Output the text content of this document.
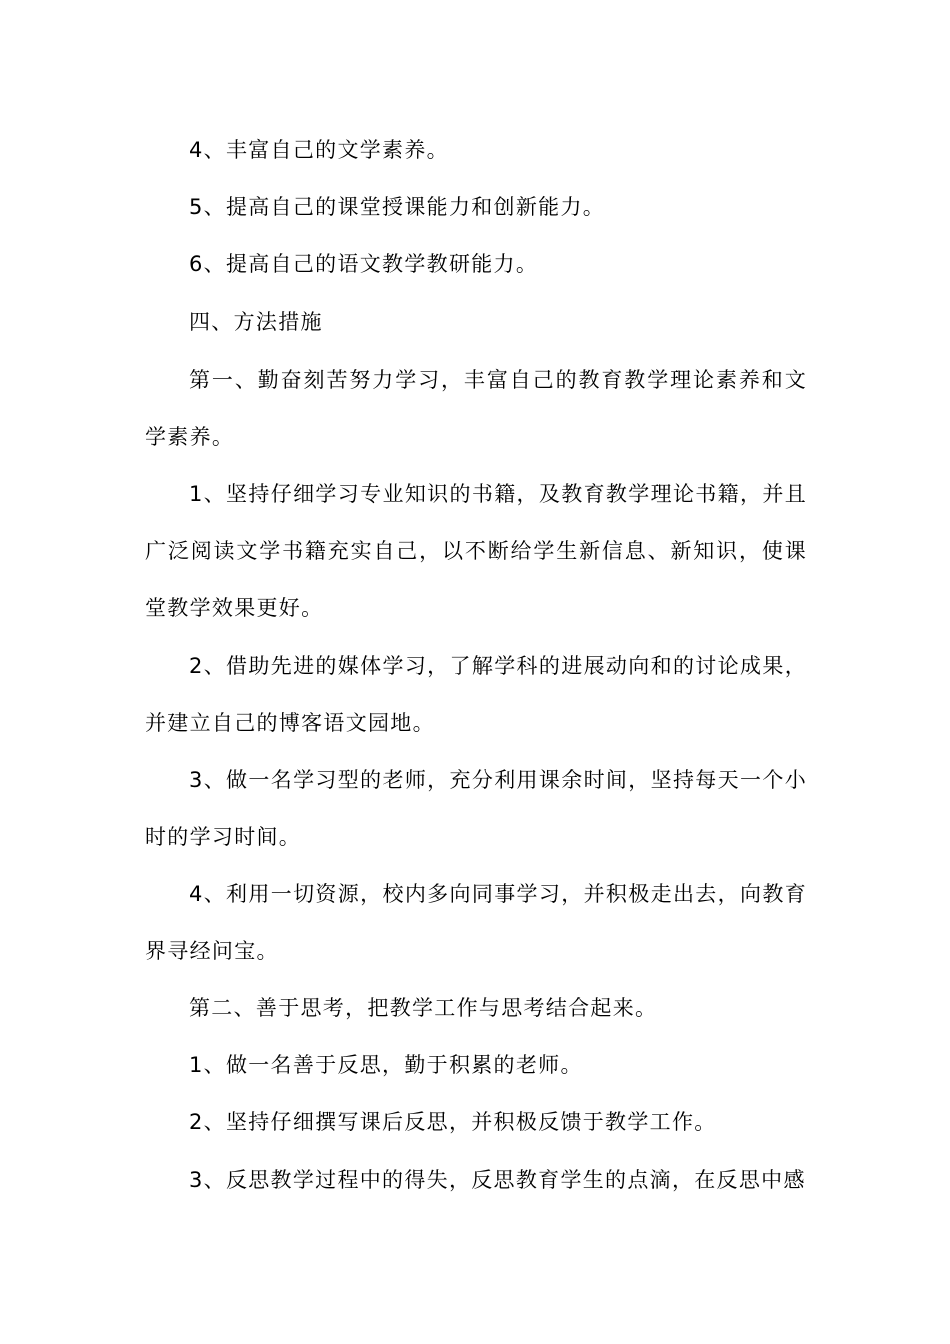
4、丰富自己的文学素养。

5、提高自己的课堂授课能力和创新能力。

6、提高自己的语文教学教研能力。

四、方法措施

第一、勤奋刻苦努力学习，丰富自己的教育教学理论素养和文学素养。

1、坚持仔细学习专业知识的书籍，及教育教学理论书籍，并且广泛阅读文学书籍充实自己，以不断给学生新信息、新知识，使课堂教学效果更好。

2、借助先进的媒体学习，了解学科的进展动向和的讨论成果，并建立自己的博客语文园地。

3、做一名学习型的老师，充分利用课余时间，坚持每天一个小时的学习时间。

4、利用一切资源，校内多向同事学习，并积极走出去，向教育界寻经问宝。

第二、善于思考，把教学工作与思考结合起来。

1、做一名善于反思，勤于积累的老师。

2、坚持仔细撰写课后反思，并积极反馈于教学工作。

3、反思教学过程中的得失，反思教育学生的点滴，在反思中感
